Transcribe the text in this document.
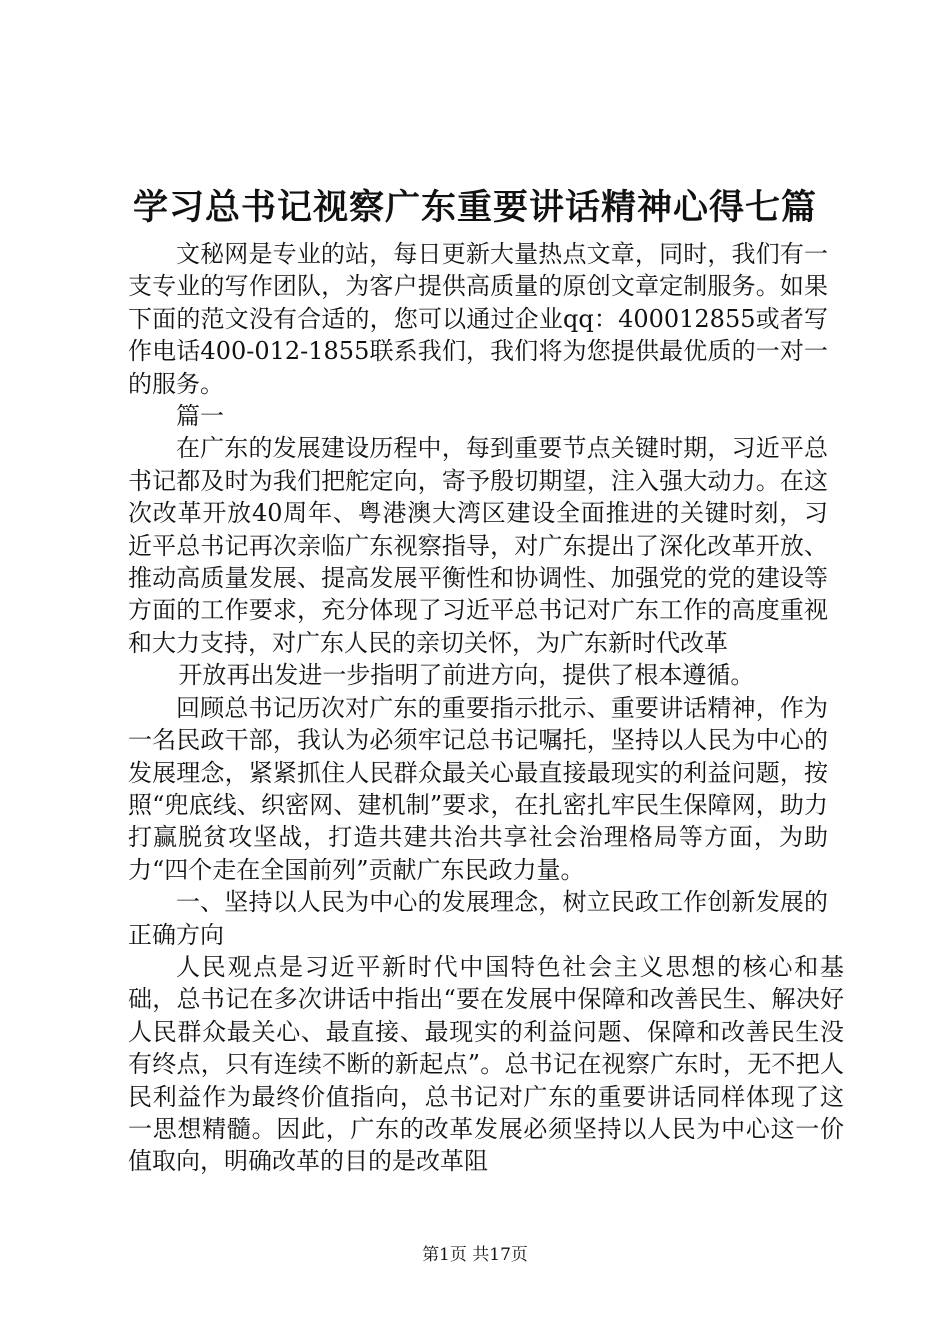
学习总书记视察广东重要讲话精神心得七篇

文秘网是专业的站，每日更新大量热点文章，同时，我们有一支专业的写作团队，为客户提供高质量的原创文章定制服务。如果下面的范文没有合适的，您可以通过企业qq：400012855或者写作电话400-012-1855联系我们，我们将为您提供最优质的一对一的服务。

篇一

在广东的发展建设历程中，每到重要节点关键时期，习近平总书记都及时为我们把舵定向，寄予殷切期望，注入强大动力。在这次改革开放40周年、粤港澳大湾区建设全面推进的关键时刻，习近平总书记再次亲临广东视察指导，对广东提出了深化改革开放、推动高质量发展、提高发展平衡性和协调性、加强党的党的建设等方面的工作要求，充分体现了习近平总书记对广东工作的高度重视和大力支持，对广东人民的亲切关怀，为广东新时代改革

开放再出发进一步指明了前进方向，提供了根本遵循。

回顾总书记历次对广东的重要指示批示、重要讲话精神，作为一名民政干部，我认为必须牢记总书记嘱托，坚持以人民为中心的发展理念，紧紧抓住人民群众最关心最直接最现实的利益问题，按照“兜底线、织密网、建机制”要求，在扎密扎牢民生保障网，助力打赢脱贫攻坚战，打造共建共治共享社会治理格局等方面，为助力“四个走在全国前列”贡献广东民政力量。

一、坚持以人民为中心的发展理念，树立民政工作创新发展的正确方向

人民观点是习近平新时代中国特色社会主义思想的核心和基础，总书记在多次讲话中指出“要在发展中保障和改善民生、解决好人民群众最关心、最直接、最现实的利益问题、保障和改善民生没有终点，只有连续不断的新起点”。总书记在视察广东时，无不把人民利益作为最终价值指向，总书记对广东的重要讲话同样体现了这一思想精髓。因此，广东的改革发展必须坚持以人民为中心这一价值取向，明确改革的目的是改革阻

第1页 共17页
